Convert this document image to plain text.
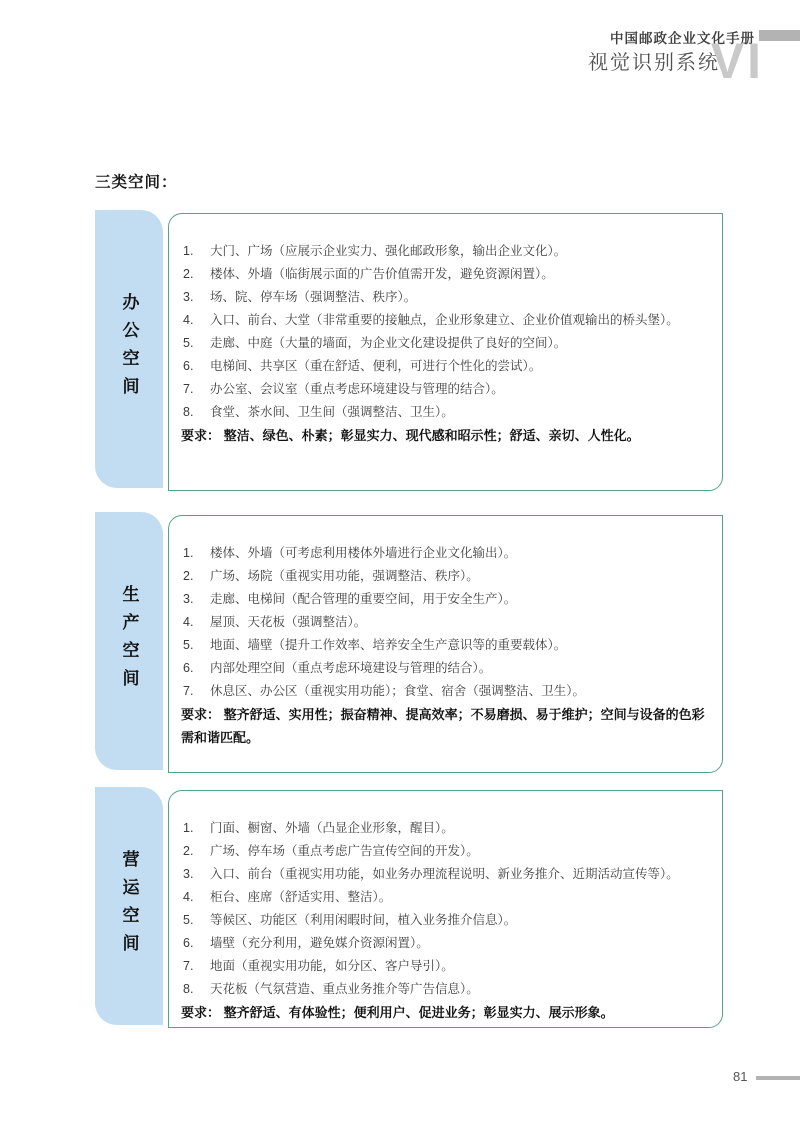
中国邮政企业文化手册
视觉识别系统
VI
三类空间：
办公空间
大门、广场（应展示企业实力、强化邮政形象，输出企业文化）。
楼体、外墙（临街展示面的广告价值需开发，避免资源闲置）。
场、院、停车场（强调整洁、秩序）。
入口、前台、大堂（非常重要的接触点，企业形象建立、企业价值观输出的桥头堡）。
走廊、中庭（大量的墙面，为企业文化建设提供了良好的空间）。
电梯间、共享区（重在舒适、便利，可进行个性化的尝试）。
办公室、会议室（重点考虑环境建设与管理的结合）。
食堂、茶水间、卫生间（强调整洁、卫生）。

要求： 整洁、绿色、朴素；彰显实力、现代感和昭示性；舒适、亲切、人性化。

生产空间
楼体、外墙（可考虑利用楼体外墙进行企业文化输出）。
广场、场院（重视实用功能，强调整洁、秩序）。
走廊、电梯间（配合管理的重要空间，用于安全生产）。
屋顶、天花板（强调整洁）。
地面、墙壁（提升工作效率、培养安全生产意识等的重要载体）。
内部处理空间（重点考虑环境建设与管理的结合）。
休息区、办公区（重视实用功能）；食堂、宿舍（强调整洁、卫生）。

要求： 整齐舒适、实用性；振奋精神、提高效率；不易磨损、易于维护；空间与设备的色彩需和谐匹配。

营运空间
门面、橱窗、外墙（凸显企业形象，醒目）。
广场、停车场（重点考虑广告宣传空间的开发）。
入口、前台（重视实用功能，如业务办理流程说明、新业务推介、近期活动宣传等）。
柜台、座席（舒适实用、整洁）。
等候区、功能区（利用闲暇时间，植入业务推介信息）。
墙壁（充分利用，避免媒介资源闲置）。
地面（重视实用功能，如分区、客户导引）。
天花板（气氛营造、重点业务推介等广告信息）。

要求： 整齐舒适、有体验性；便利用户、促进业务；彰显实力、展示形象。

81
